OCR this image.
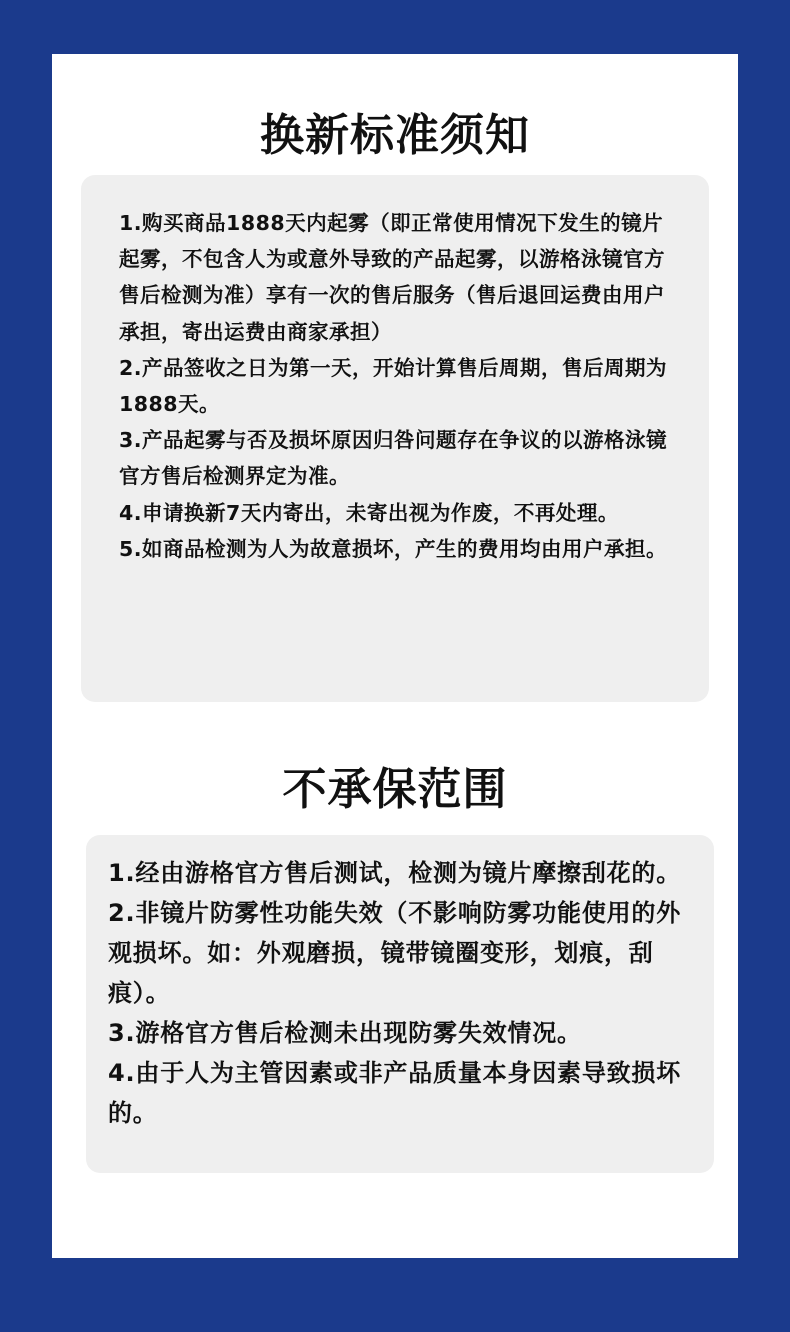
换新标准须知
1.购买商品1888天内起雾（即正常使用情况下发生的镜片起雾，不包含人为或意外导致的产品起雾，以游格泳镜官方售后检测为准）享有一次的售后服务（售后退回运费由用户承担，寄出运费由商家承担）
2.产品签收之日为第一天，开始计算售后周期，售后周期为1888天。
3.产品起雾与否及损坏原因归咎问题存在争议的以游格泳镜官方售后检测界定为准。
4.申请换新7天内寄出，未寄出视为作废，不再处理。
5.如商品检测为人为故意损坏，产生的费用均由用户承担。
不承保范围
1.经由游格官方售后测试，检测为镜片摩擦刮花的。
2.非镜片防雾性功能失效（不影响防雾功能使用的外观损坏。如：外观磨损，镜带镜圈变形，划痕，刮痕）。
3.游格官方售后检测未出现防雾失效情况。
4.由于人为主管因素或非产品质量本身因素导致损坏的。
